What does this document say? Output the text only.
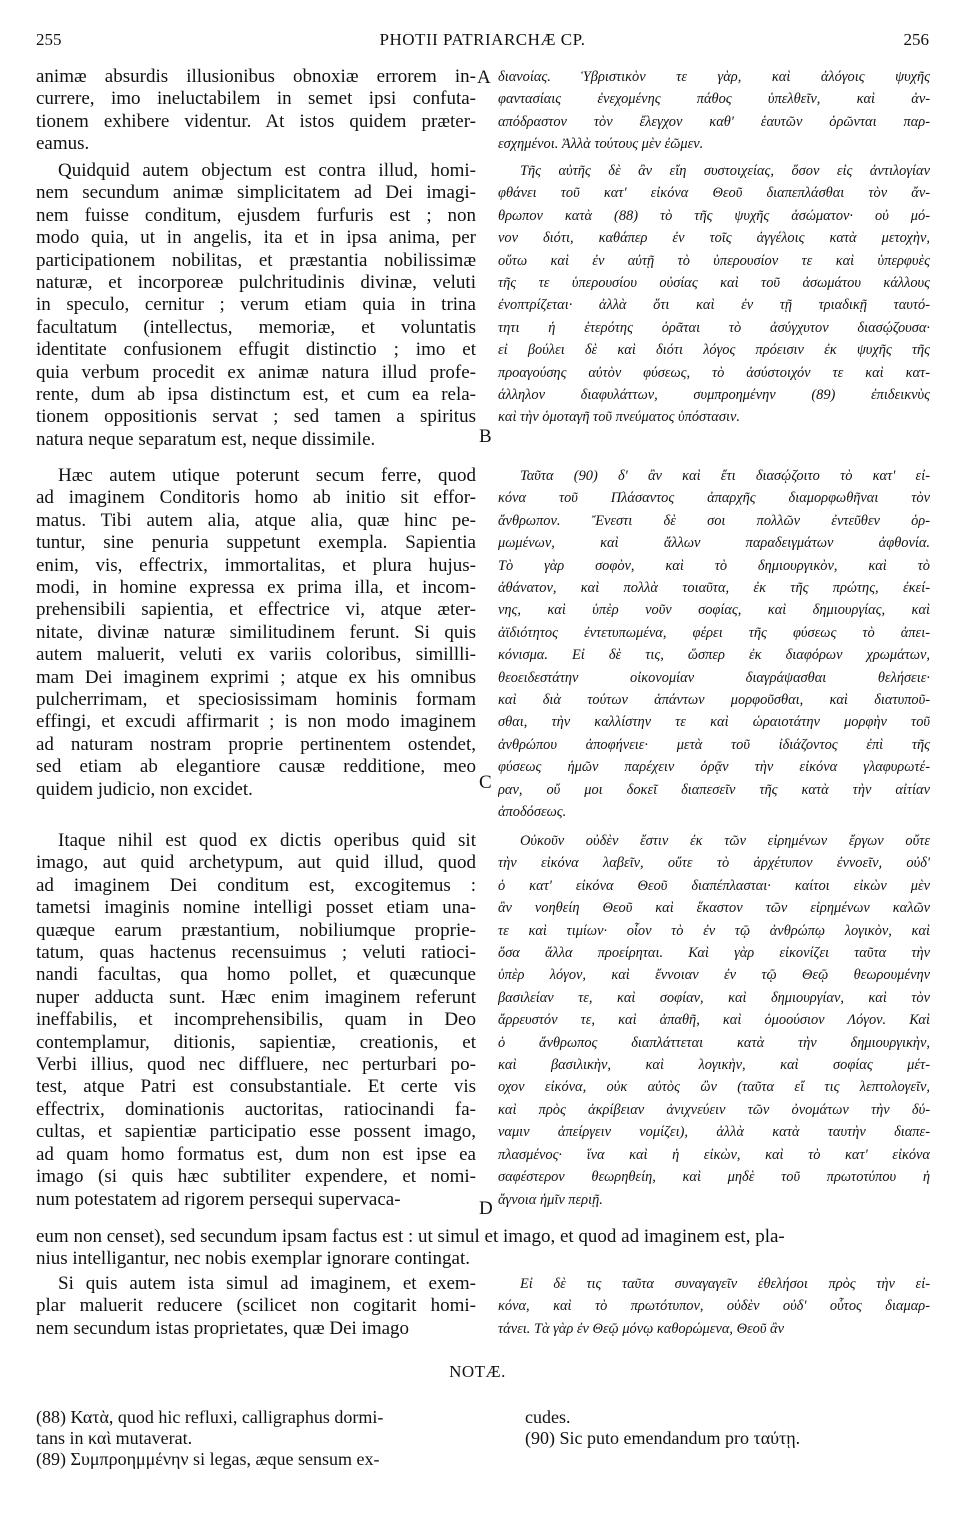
255	PHOTII PATRIARCHÆ CP.	256
A
B
C
D
animæ absurdis illusionibus obnoxiæ errorem in-
currere, imo ineluctabilem in semet ipsi confuta-
tionem exhibere videntur. At istos quidem præter-
eamus.
Quidquid autem objectum est contra illud, homi-
nem secundum animæ simplicitatem ad Dei imagi-
nem fuisse conditum, ejusdem furfuris est ; non
modo quia, ut in angelis, ita et in ipsa anima, per
participationem nobilitas, et præstantia nobilissimæ
naturæ, et incorporeæ pulchritudinis divinæ, veluti
in speculo, cernitur ; verum etiam quia in trina
facultatum (intellectus, memoriæ, et voluntatis
identitate confusionem effugit distinctio ; imo et
quia verbum procedit ex animæ natura illud profe-
rente, dum ab ipsa distinctum est, et cum ea rela-
tionem oppositionis servat ; sed tamen a spiritus
natura neque separatum est, neque dissimile.
Hæc autem utique poterunt secum ferre, quod
ad imaginem Conditoris homo ab initio sit effor-
matus. Tibi autem alia, atque alia, quæ hinc pe-
tuntur, sine penuria suppetunt exempla. Sapientia
enim, vis, effectrix, immortalitas, et plura hujus-
modi, in homine expressa ex prima illa, et incom-
prehensibili sapientia, et effectrice vi, atque æter-
nitate, divinæ naturæ similitudinem ferunt. Si quis
autem maluerit, veluti ex variis coloribus, simillli-
mam Dei imaginem exprimi ; atque ex his omnibus
pulcherrimam, et speciosissimam hominis formam
effingi, et excudi affirmarit ; is non modo imaginem
ad naturam nostram proprie pertinentem ostendet,
sed etiam ab elegantiore causæ redditione, meo
quidem judicio, non excidet.
Itaque nihil est quod ex dictis operibus quid sit
imago, aut quid archetypum, aut quid illud, quod
ad imaginem Dei conditum est, excogitemus :
tametsi imaginis nomine intelligi posset etiam una-
quæque earum præstantium, nobiliumque proprie-
tatum, quas hactenus recensuimus ; veluti ratioci-
nandi facultas, qua homo pollet, et quæcunque
nuper adducta sunt. Hæc enim imaginem referunt
ineffabilis, et incomprehensibilis, quam in Deo
contemplamur, ditionis, sapientiæ, creationis, et
Verbi illius, quod nec diffluere, nec perturbari po-
test, atque Patri est consubstantiale. Et certe vis
effectrix, dominationis auctoritas, ratiocinandi fa-
cultas, et sapientiæ participatio esse possent imago,
ad quam homo formatus est, dum non est ipse ea
imago (si quis hæc subtiliter expendere, et nomi-
num potestatem ad rigorem persequi supervaca-
eum non censet), sed secundum ipsam factus est : ut simul et imago, et quod ad imaginem est, pla-
nius intelligantur, nec nobis exemplar ignorare contingat.
Si quis autem ista simul ad imaginem, et exem-
plar maluerit reducere (scilicet non cogitarit homi-
nem secundum istas proprietates, quæ Dei imago
διανοίας. Ὑβριστικὸν τε γὰρ, καὶ ἀλόγοις ψυχῆς
φαντασίαις ἐνεχομένης πάθος ὑπελθεῖν, καὶ ἀν-
απόδραστον τὸν ἔλεγχον καθ' ἑαυτῶν ὁρῶνται παρ-
εσχημένοι. Ἀλλὰ τούτους μὲν ἐῶμεν.
Τῆς αὐτῆς δὲ ἂν εἴη συστοιχείας, ὅσον εἰς ἀντιλογίαν
φθάνει τοῦ κατ' εἰκόνα Θεοῦ διαπεπλάσθαι τὸν ἄν-
θρωπον κατὰ (88) τὸ τῆς ψυχῆς ἀσώματον· οὐ μό-
νον διότι, καθάπερ ἐν τοῖς ἀγγέλοις κατὰ μετοχὴν,
οὕτω καὶ ἐν αὐτῇ τὸ ὑπερουσίον τε καὶ ὑπερφυὲς
τῆς τε ὑπερουσίου οὐσίας καὶ τοῦ ἀσωμάτου κάλλους
ἐνοπτρίζεται· ἀλλὰ ὅτι καὶ ἐν τῇ τριαδικῇ ταυτό-
τητι ἡ ἑτερότης ὁρᾶται τὸ ἀσύγχυτον διασῴζουσα·
εἰ βούλει δὲ καὶ διότι λόγος πρόεισιν ἐκ ψυχῆς τῆς
προαγούσης αὐτὸν φύσεως, τὸ ἀσύστοιχόν τε καὶ κατ-
άλληλον διαφυλάττων, συμπροημένην (89) ἐπιδεικνὺς
καὶ τὴν ὁμοταγῆ τοῦ πνεύματος ὑπόστασιν.
Ταῦτα (90) δ' ἂν καὶ ἔτι διασῴζοιτο τὸ κατ' εἰ-
κόνα τοῦ Πλάσαντος ἀπαρχῆς διαμορφωθῆναι τὸν
ἄνθρωπον. Ἔνεστι δὲ σοι πολλῶν ἐντεῦθεν ὁρ-
μωμένων, καὶ ἄλλων παραδειγμάτων ἀφθονία.
Τὸ γὰρ σοφὸν, καὶ τὸ δημιουργικὸν, καὶ τὸ
ἀθάνατον, καὶ πολλὰ τοιαῦτα, ἐκ τῆς πρώτης, ἐκεί-
νης, καὶ ὑπὲρ νοῦν σοφίας, καὶ δημιουργίας, καὶ
ἀϊδιότητος ἐντετυπωμένα, φέρει τῆς φύσεως τὸ ἀπει-
κόνισμα. Εἰ δὲ τις, ὥσπερ ἐκ διαφόρων χρωμάτων,
θεοειδεστάτην οἰκονομίαν διαγράψασθαι θελήσειε·
καὶ διὰ τούτων ἁπάντων μορφοῦσθαι, καὶ διατυποῦ-
σθαι, τὴν καλλίστην τε καὶ ὡραιοτάτην μορφὴν τοῦ
ἀνθρώπου ἀποφήνειε· μετὰ τοῦ ἰδιάζοντος ἐπὶ τῆς
φύσεως ἡμῶν παρέχειν ὁρᾷν τὴν εἰκόνα γλαφυρωτέ-
ραν, οὔ μοι δοκεῖ διαπεσεῖν τῆς κατὰ τὴν αἰτίαν
ἀποδόσεως.
Οὐκοῦν οὐδὲν ἔστιν ἐκ τῶν εἰρημένων ἔργων οὔτε
τὴν εἰκόνα λαβεῖν, οὔτε τὸ ἀρχέτυπον ἐννοεῖν, οὐδ'
ὁ κατ' εἰκόνα Θεοῦ διαπέπλασται· καίτοι εἰκὼν μὲν
ἂν νοηθείη Θεοῦ καὶ ἕκαστον τῶν εἰρημένων καλῶν
τε καὶ τιμίων· οἷον τὸ ἐν τῷ ἀνθρώπῳ λογικὸν, καὶ
ὅσα ἄλλα προείρηται. Καὶ γὰρ εἰκονίζει ταῦτα τὴν
ὑπὲρ λόγον, καὶ ἔννοιαν ἐν τῷ Θεῷ θεωρουμένην
βασιλείαν τε, καὶ σοφίαν, καὶ δημιουργίαν, καὶ τὸν
ἄρρευστόν τε, καὶ ἀπαθῆ, καὶ ὁμοούσιον Λόγον. Καὶ
ὁ ἄνθρωπος διαπλάττεται κατὰ τὴν δημιουργικὴν,
καὶ βασιλικὴν, καὶ λογικὴν, καὶ σοφίας μέτ-
οχον εἰκόνα, οὐκ αὐτὸς ὢν (ταῦτα εἴ τις λεπτολογεῖν,
καὶ πρὸς ἀκρίβειαν ἀνιχνεύειν τῶν ὀνομάτων τὴν δύ-
ναμιν ἀπείργειν νομίζει), ἀλλὰ κατὰ ταυτὴν διαπε-
πλασμένος· ἵνα καὶ ἡ εἰκὼν, καὶ τὸ κατ' εἰκόνα
σαφέστερον θεωρηθείη, καὶ μηδὲ τοῦ πρωτοτύπου ἡ
ἄγνοια ἡμῖν περιῇ.
Εἰ δὲ τις ταῦτα συναγαγεῖν ἐθελήσοι πρὸς τὴν εἰ-
κόνα, καὶ τὸ πρωτότυπον, οὐδὲν οὐδ' οὗτος διαμαρ-
τάνει. Τὰ γὰρ ἐν Θεῷ μόνῳ καθορώμενα, Θεοῦ ἂν
NOTÆ.
(88) Κατὰ, quod hic refluxi, calligraphus dormi-
tans in καὶ mutaverat.
(89) Συμπροημμένην si legas, æque sensum ex-
cudes.
(90) Sic puto emendandum pro ταύτῃ.
